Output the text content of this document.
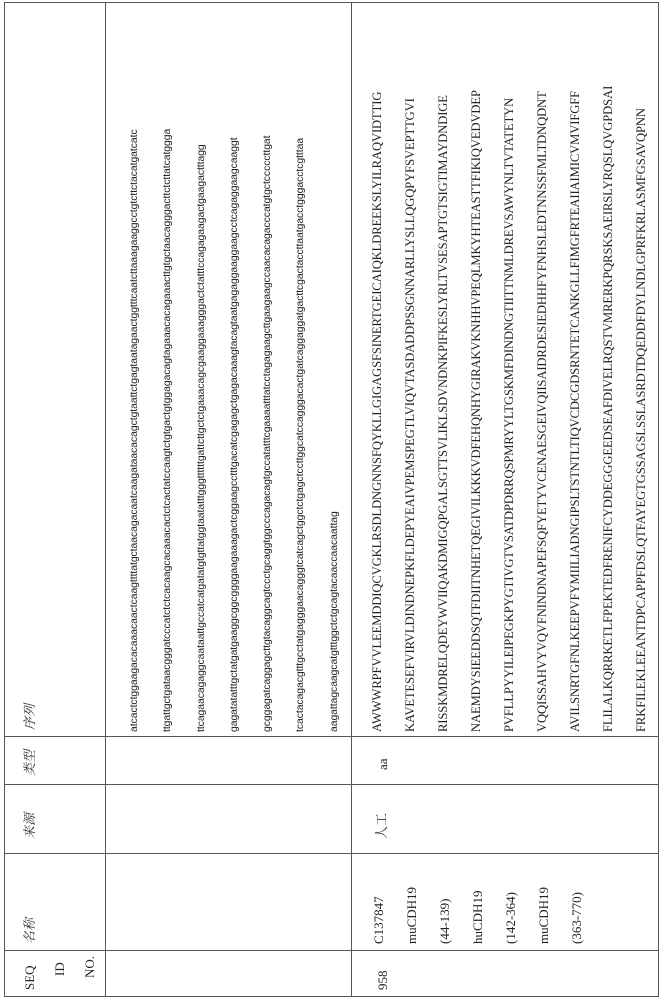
SEQ	ID	NO.

名称

来源

类型

序列				atcactctggaagacacaaacaactcaagttttatgctaacagacaatcaagataacacagctgtaattctgagtaatagaactggtttcaatcttaaagaaggcctgtcttctacatgatcatc	ttgattgctgataacgggatcccatctctcacaagcacaaacactctcactatccaagtctgtgactgtggagacagtagaaacacagaaacttgtgctaacagggacttctcttatcatggga	ttcagaacagaggcaataattgccatcatgatatgtgttatggtaatatttgggttttttgattcttgctctgaaacagcgaaggaaagggactctatttccagagaagactgaagactttagg	gagatatatttgctatgatgaaggcggcggggaagaaagactcggaagcctttgacatcgagagctgagacaaagtacagtaatgagaggaaggaagcctcagaggaagcaaggt	gcggagatcaggagcttgtacaggcagtccctgcaggtggcccagacagtgccatatttcgaaaatttatcctagagaagcttgaagaagccaacacagacccatgtgctcccccttgat	tcactacagacgtttgcctatgagggaacagggtcatcagctggctctgagctccttggcatccagggacactgatcaggaggatgacttcgactaccttaatgacctgggacctcgtttaa	aagattagcaagcatgtttggctctgcagtacaaccaacaattag

958

C137847	muCDH19	(44-139)	huCDH19	(142-364)	muCDH19	(363-770)

人工

aa

AWWWRPFVVLEEMDDIQCVGKLRSDLDNGNNSFQYKLLGIGAGSFSINERTGEICAIQKLDREEKSLYILRAQVIDTTIG	KAVETESEFVIRVLDINDNEPKFLDEPYEAIVPEMSPEGTLVIQVTASDADDPSSGNNARLLYSLLQGQPYFSVEPTTGVI	RISSKMDRELQDEYWVIIQAKDMIGQPGALSGTTSVLIKLSDVNDNKPIFKESLYRLTVSESAPTGTSIGTIMAYDNDIGE	NAEMDYSIEEDDSQTFDIITNHETQEGIVILKKKVDFEHQNHYGIRAKVKNHHVPEQLMKYHTEASTTFIKIQVEDVDEP	PVFLLPYYILEIPEGKPYGTIVGTVSATDPDRRQSPMRYYLTGSKMFDINDNGTIITTNMLDREVSAWYNLTVTATETYN	VQQISSAHVYVQVFNINDNAPEFSQFYETYVCENAESGEIVQIISAIDRDESIEDHHFYFNHSLEDTNNSSFMLTDNQDNT	AVILSNRTGFNLKEEPVFYMIILIADNGIPSLTSTNTLTIQVCDCGDSRNTETCANKGLLFIMGFRTEAIIAIMICVMVIFGFF	FLILALKQRRKETLFPEKTEDFRENIFCYDDEGGGEEDSEAFDIVELRQSTVMRERKPQRSKSAEIRSLYRQSLQVGPDSAI	FRKFILEKLEEANTDPCAPPFDSLQTFAYEGTGSSAGSLSSLASRDTDQEDDFDYLNDLGPRFKRLASMFGSAVQPNN
